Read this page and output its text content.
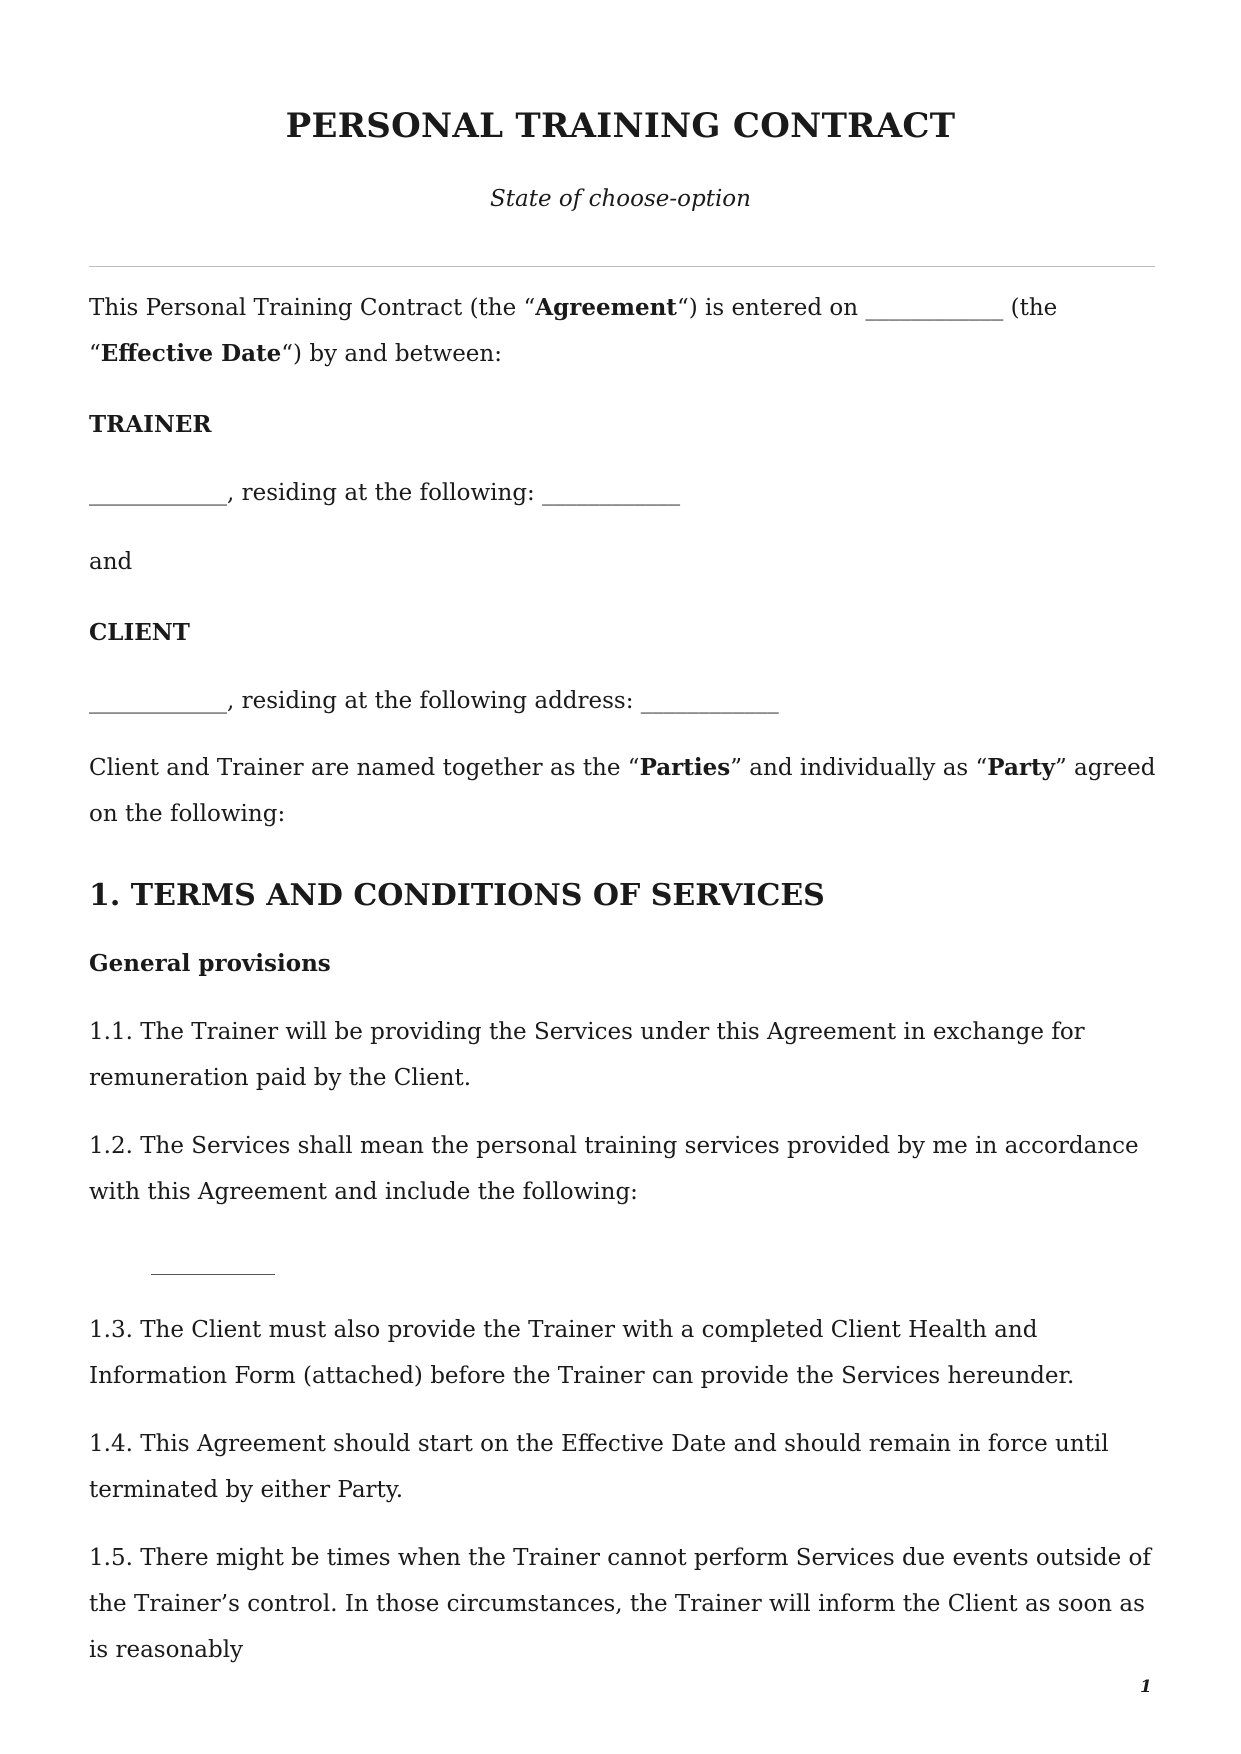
PERSONAL TRAINING CONTRACT
State of choose-option

This Personal Training Contract (the “Agreement“) is entered on ____________ (the “Effective Date“) by and between:

TRAINER
____________, residing at the following: ____________
and
CLIENT
____________, residing at the following address: ____________

Client and Trainer are named together as the “Parties” and individually as “Party” agreed on the following:

1. TERMS AND CONDITIONS OF SERVICES
General provisions

1.1. The Trainer will be providing the Services under this Agreement in exchange for remuneration paid by the Client.

1.2. The Services shall mean the personal training services provided by me in accordance with this Agreement and include the following:

1.3. The Client must also provide the Trainer with a completed Client Health and Information Form (attached) before the Trainer can provide the Services hereunder.

1.4. This Agreement should start on the Effective Date and should remain in force until terminated by either Party.

1.5. There might be times when the Trainer cannot perform Services due events outside of the Trainer’s control. In those circumstances, the Trainer will inform the Client as soon as is reasonably

1
